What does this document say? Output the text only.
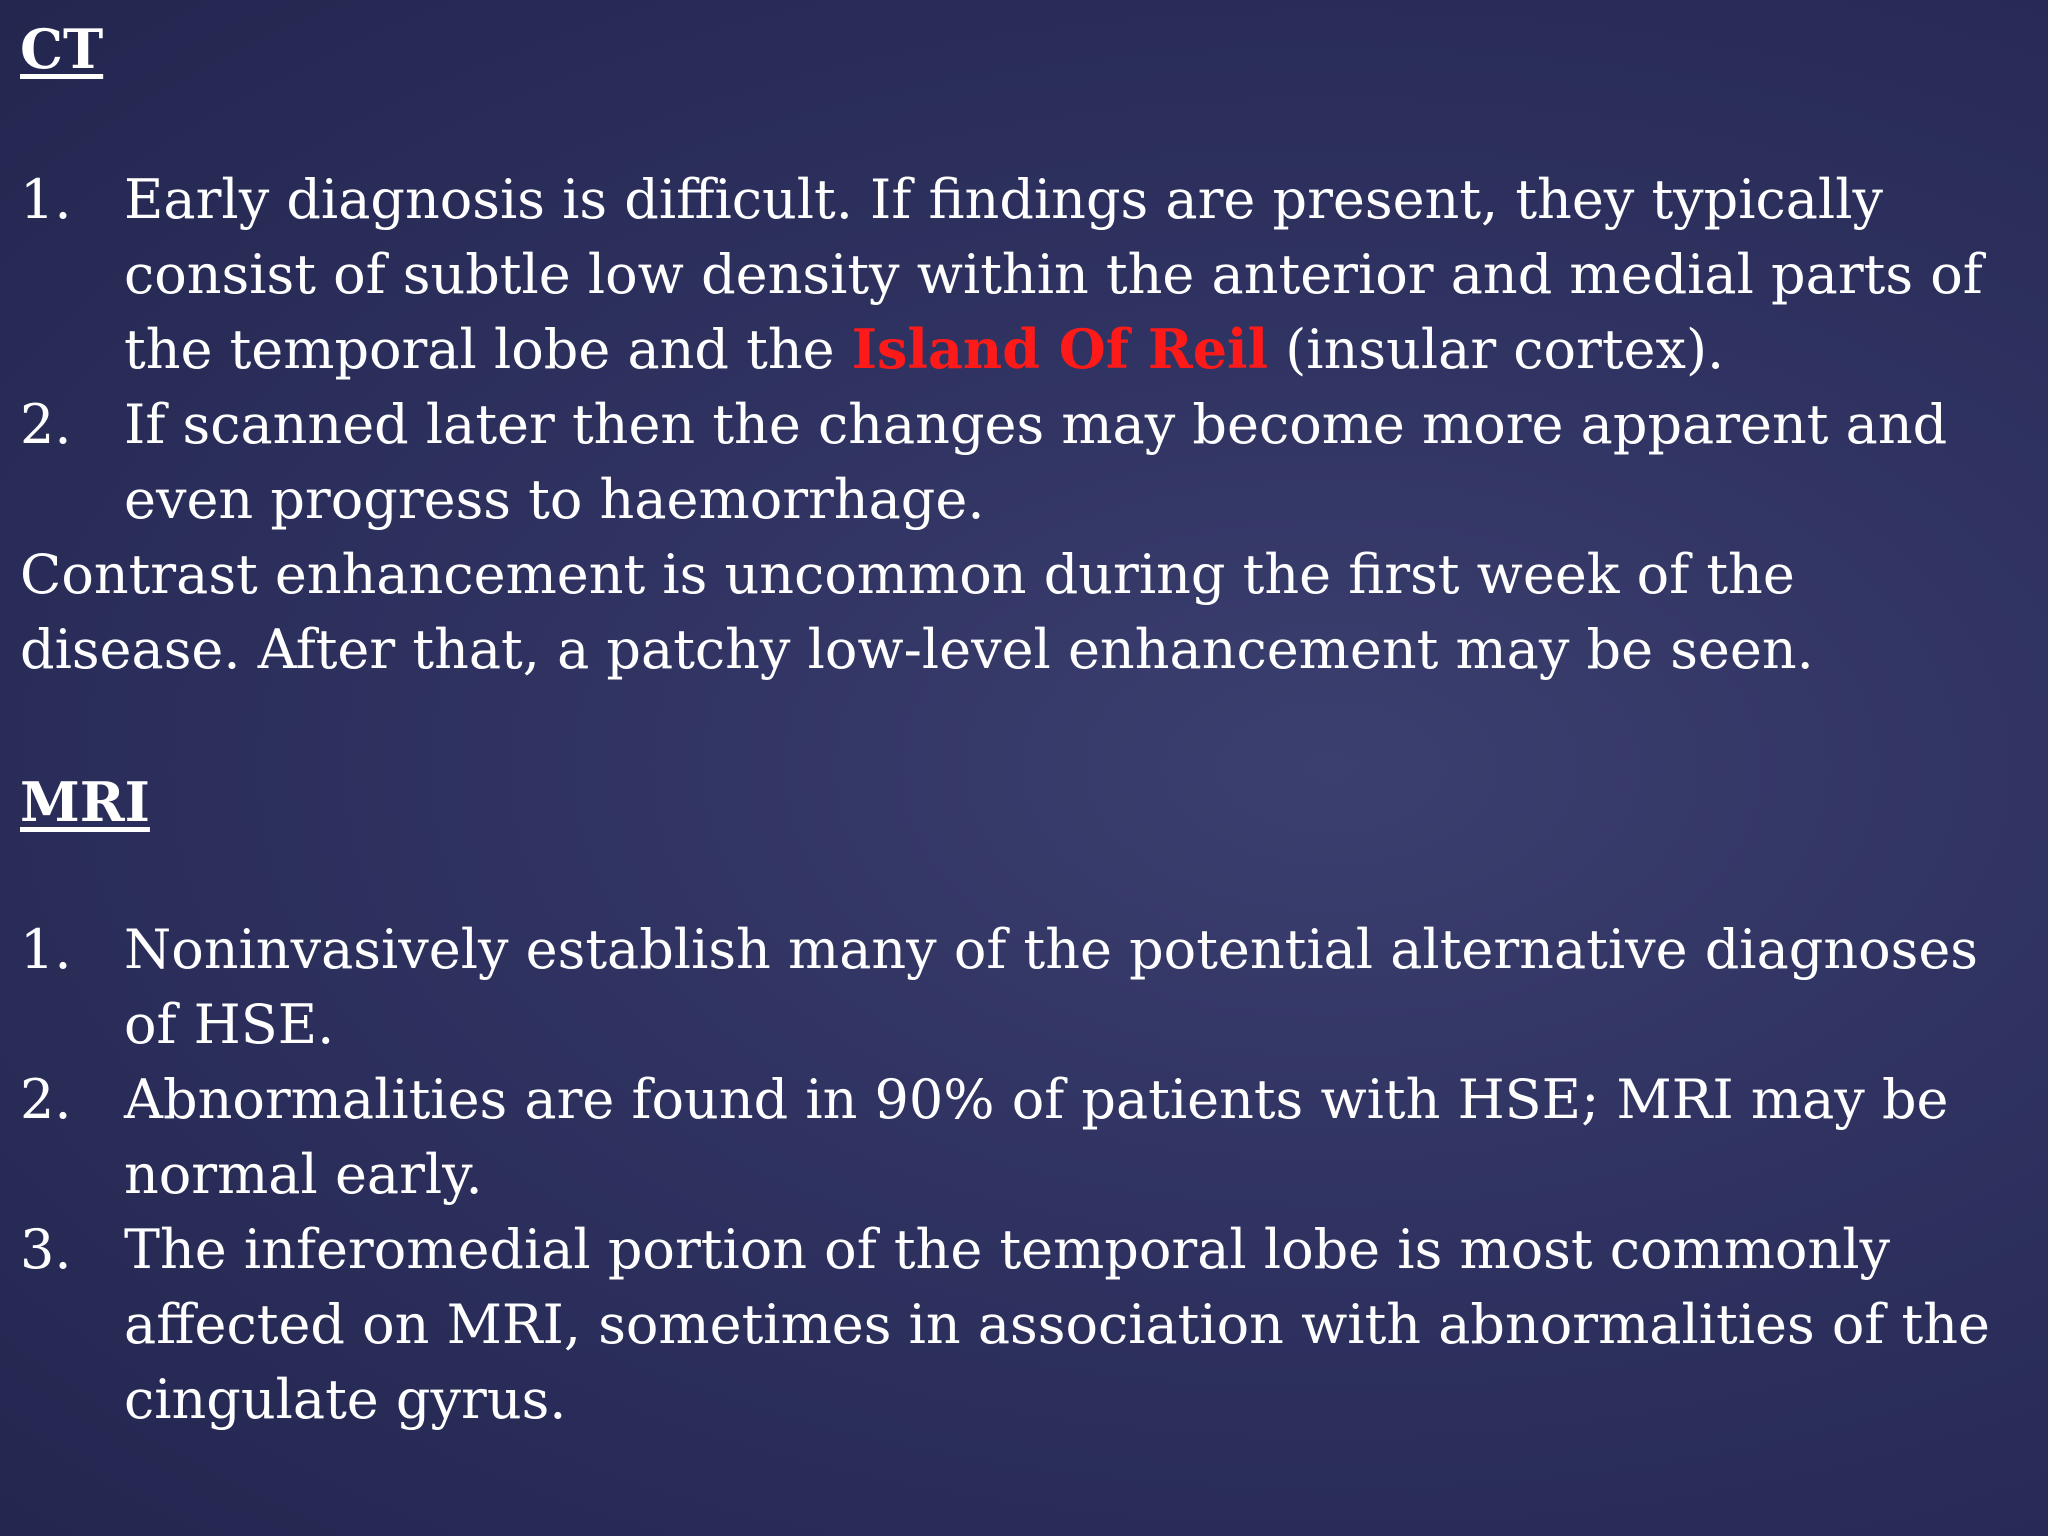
CT
1. Early diagnosis is difficult. If findings are present, they typically consist of subtle low density within the anterior and medial parts of the temporal lobe and the Island Of Reil (insular cortex).
2. If scanned later then the changes may become more apparent and even progress to haemorrhage.

Contrast enhancement is uncommon during the first week of the disease. After that, a patchy low-level enhancement may be seen.

MRI
1. Noninvasively establish many of the potential alternative diagnoses of HSE.
2. Abnormalities are found in 90% of patients with HSE; MRI may be normal early.
3. The inferomedial portion of the temporal lobe is most commonly affected on MRI, sometimes in association with abnormalities of the cingulate gyrus.
